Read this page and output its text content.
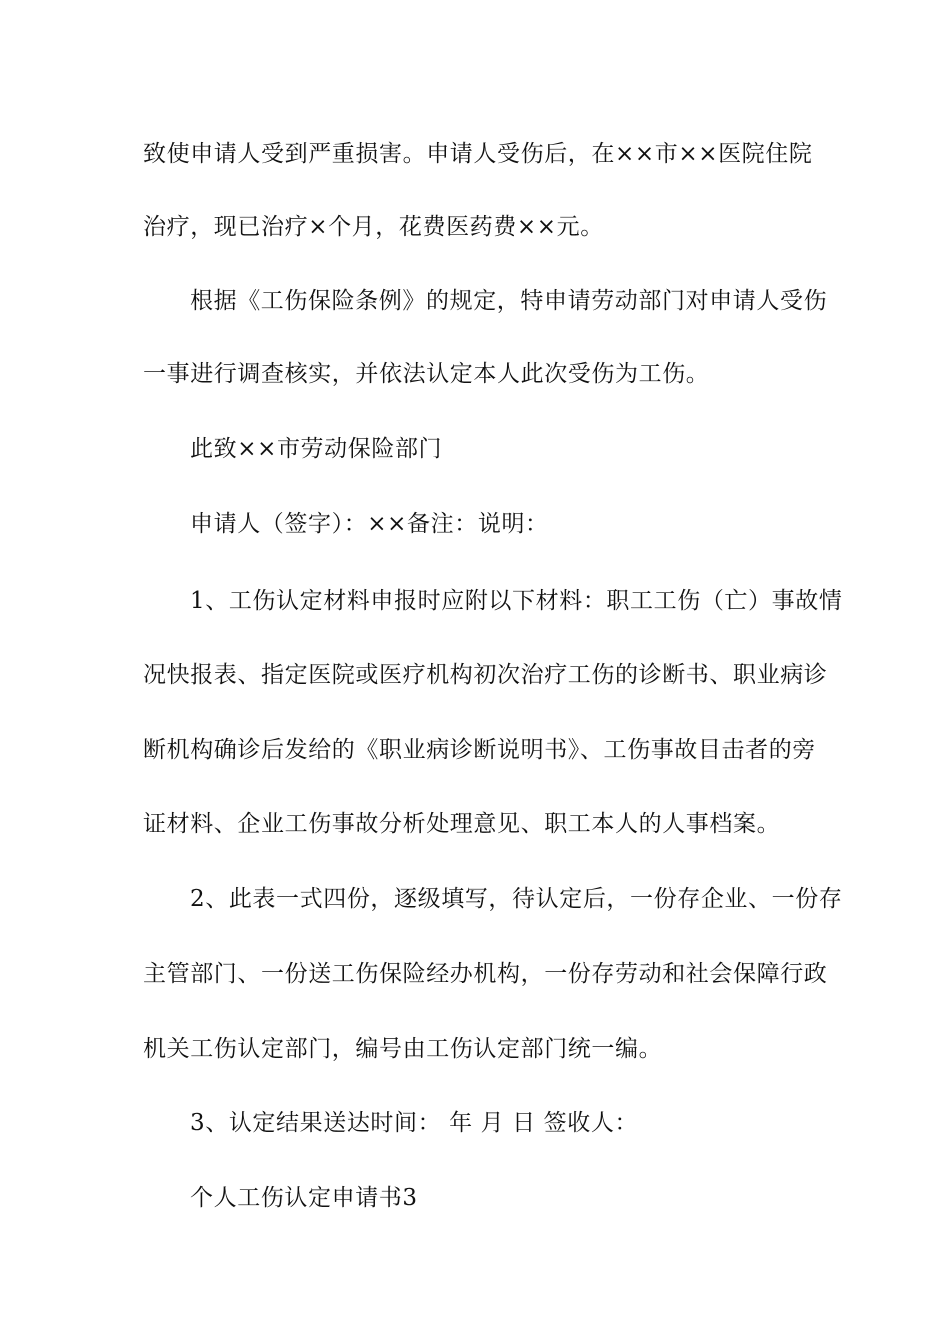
致使申请人受到严重损害。申请人受伤后，在××市××医院住院
治疗，现已治疗×个月，花费医药费××元。
根据《工伤保险条例》的规定，特申请劳动部门对申请人受伤
一事进行调查核实，并依法认定本人此次受伤为工伤。
此致××市劳动保险部门
申请人（签字）：××备注：说明：
1、工伤认定材料申报时应附以下材料：职工工伤（亡）事故情
况快报表、指定医院或医疗机构初次治疗工伤的诊断书、职业病诊
断机构确诊后发给的《职业病诊断说明书》、工伤事故目击者的旁
证材料、企业工伤事故分析处理意见、职工本人的人事档案。
2、此表一式四份，逐级填写，待认定后，一份存企业、一份存
主管部门、一份送工伤保险经办机构，一份存劳动和社会保障行政
机关工伤认定部门，编号由工伤认定部门统一编。
3、认定结果送达时间： 年 月 日 签收人：
个人工伤认定申请书3
